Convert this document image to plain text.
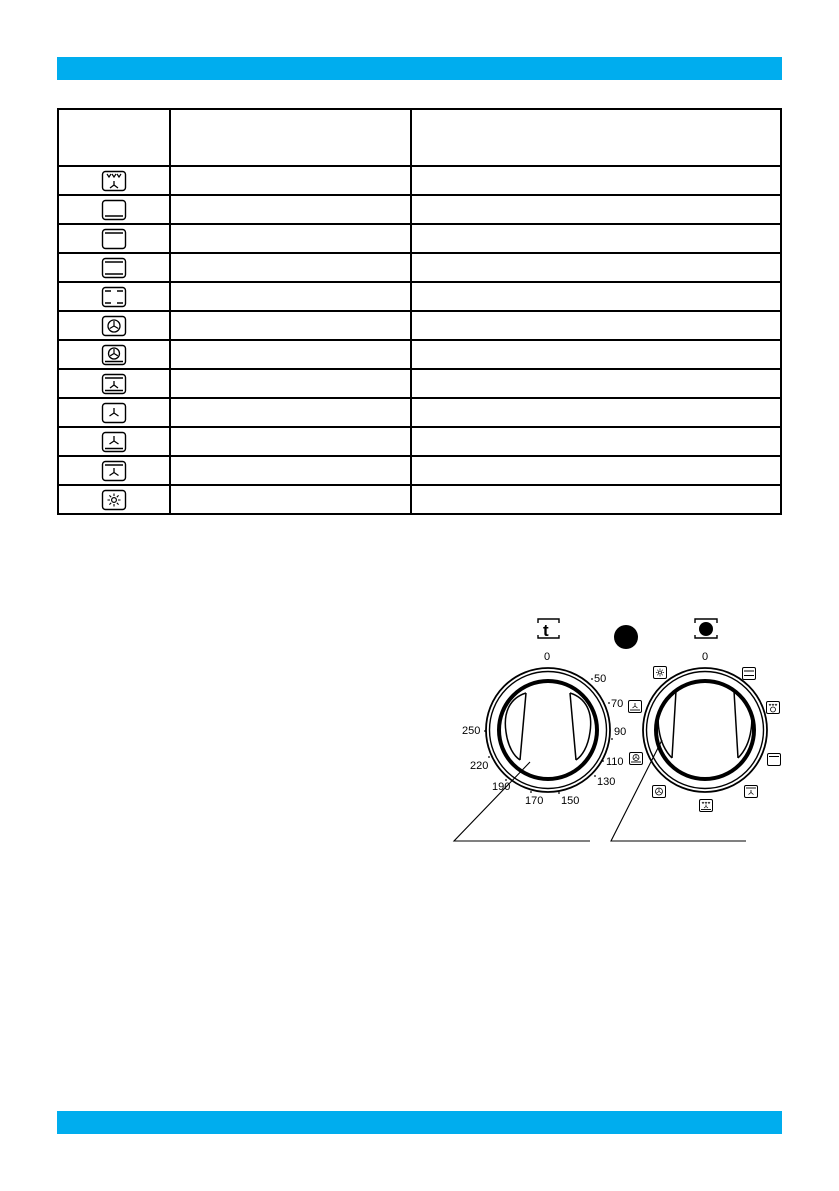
t
0
50
70
90
110
130
150
170
190
220
250
0
